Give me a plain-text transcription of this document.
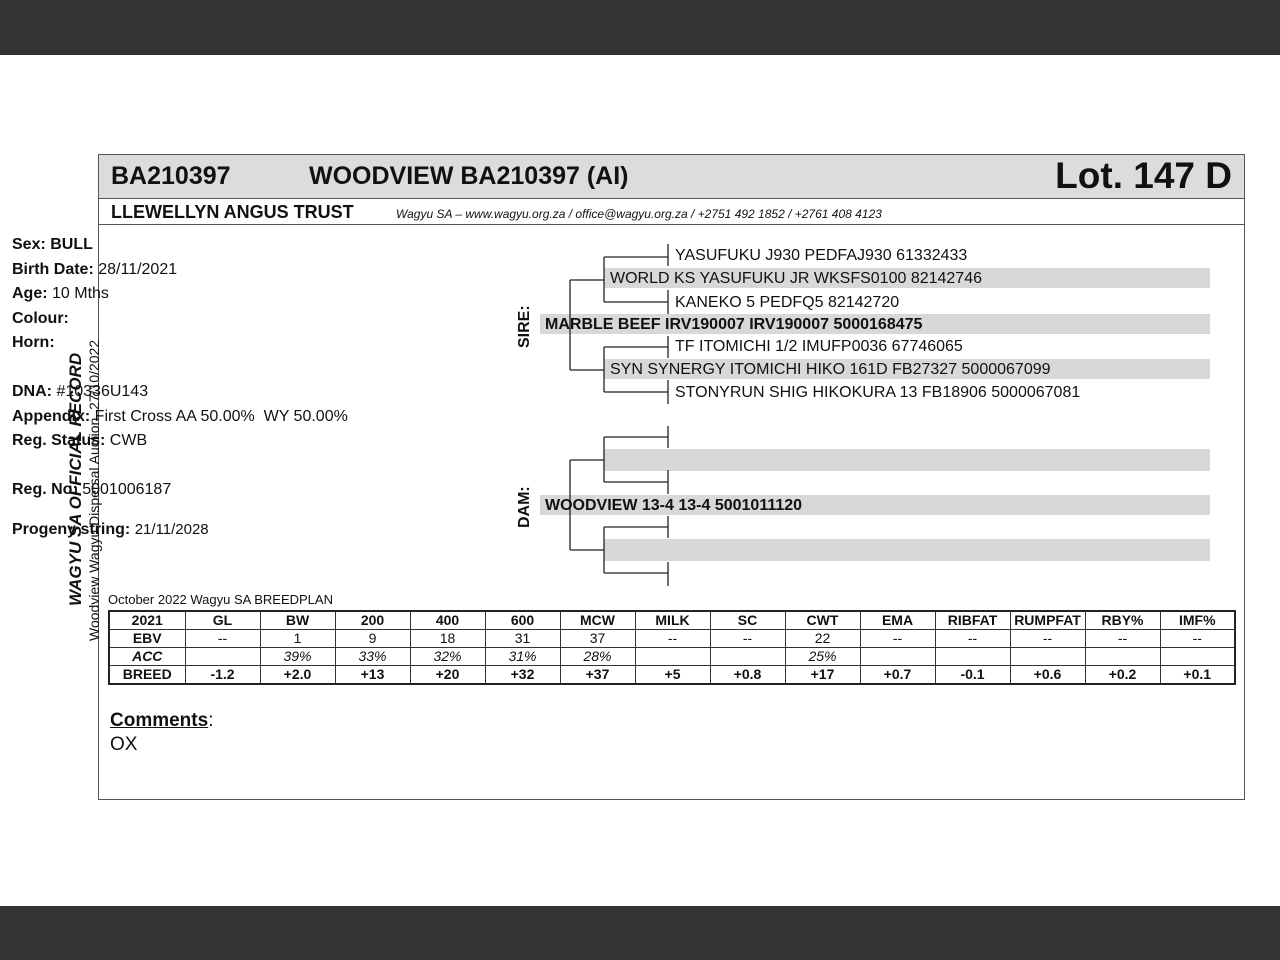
BA210397	WOODVIEW BA210397 (AI)	Lot. 147 D
LLEWELLYN ANGUS TRUST	Wagyu SA – www.wagyu.org.za / office@wagyu.org.za / +2751 492 1852 / +2761 408 4123
WAGYU SA OFFICIAL RECORD Woodview Wagyu Dispersal Auction. 27/10/2022
Sex: BULL
Birth Date: 28/11/2021
Age: 10 Mths
Colour:
Horn:
DNA: #10336U143
Appendix: First Cross AA 50.00%  WY 50.00%
Reg. Status: CWB
Reg. No: 5001006187
Progeny string: 21/11/2028
SIRE:
DAM:
YASUFUKU J930 PEDFAJ930 61332433
WORLD KS YASUFUKU JR WKSFS0100 82142746
KANEKO 5 PEDFQ5 82142720
MARBLE BEEF IRV190007 IRV190007 5000168475
TF ITOMICHI 1/2 IMUFP0036 67746065
SYN SYNERGY ITOMICHI HIKO 161D FB27327 5000067099
STONYRUN SHIG HIKOKURA 13 FB18906 5000067081
WOODVIEW 13-4 13-4 5001011120
October 2022 Wagyu SA BREEDPLAN
2021	GL	BW	200	400	600	MCW	MILK	SC	CWT	EMA	RIBFAT	RUMPFAT	RBY%	IMF%
EBV	--	1	9	18	31	37	--	--	22	--	--	--	--	--
ACC		39%	33%	32%	31%	28%			25%					
BREED	-1.2	+2.0	+13	+20	+32	+37	+5	+0.8	+17	+0.7	-0.1	+0.6	+0.2	+0.1
Comments:
OX
